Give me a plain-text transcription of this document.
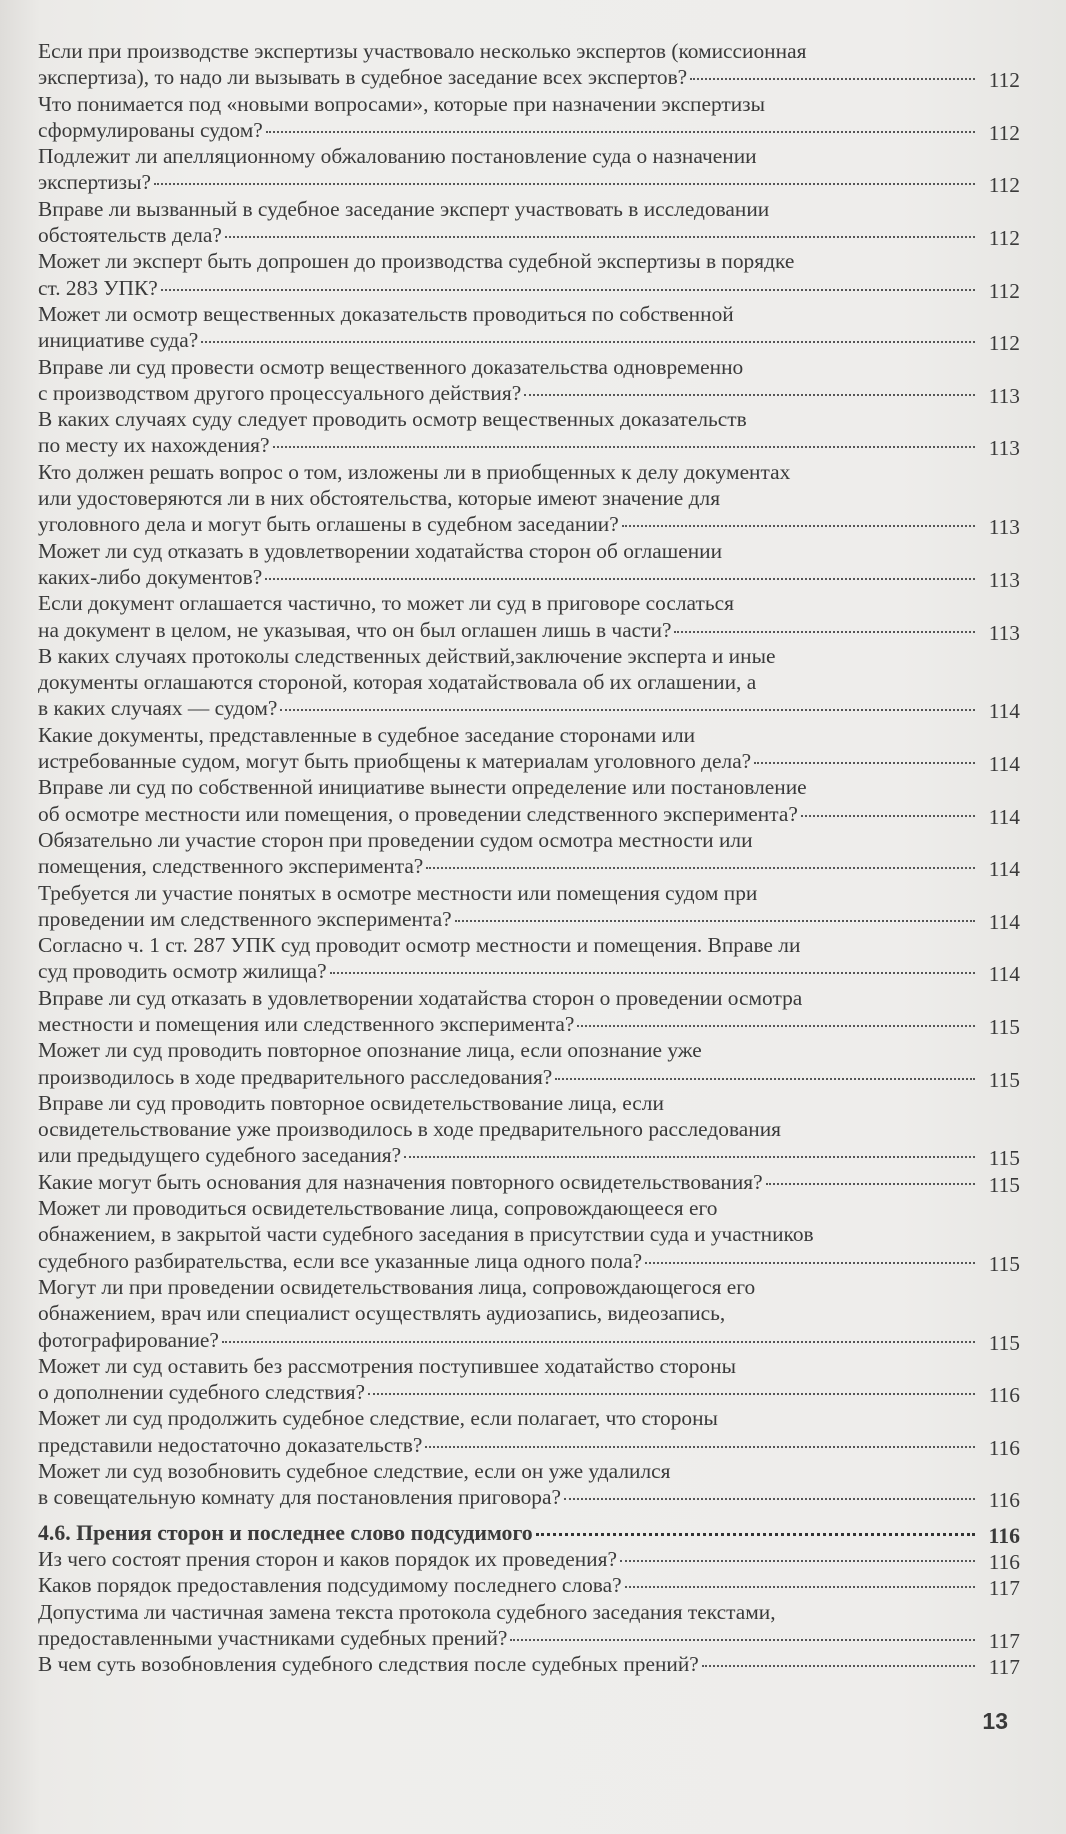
Если при производстве экспертизы участвовало несколько экспертов (комиссионная
экспертиза), то надо ли вызывать в судебное заседание всех экспертов?	112
Что понимается под «новыми вопросами», которые при назначении экспертизы
сформулированы судом?	112
Подлежит ли апелляционному обжалованию постановление суда о назначении
экспертизы?	112
Вправе ли вызванный в судебное заседание эксперт участвовать в исследовании
обстоятельств дела?	112
Может ли эксперт быть допрошен до производства судебной экспертизы в порядке
ст. 283 УПК?	112
Может ли осмотр вещественных доказательств проводиться по собственной
инициативе суда?	112
Вправе ли суд провести осмотр вещественного доказательства одновременно
с производством другого процессуального действия?	113
В каких случаях суду следует проводить осмотр вещественных доказательств
по месту их нахождения?	113
Кто должен решать вопрос о том, изложены ли в приобщенных к делу документах
или удостоверяются ли в них обстоятельства, которые имеют значение для
уголовного дела и могут быть оглашены в судебном заседании?	113
Может ли суд отказать в удовлетворении ходатайства сторон об оглашении
каких-либо документов?	113
Если документ оглашается частично, то может ли суд в приговоре сослаться
на документ в целом, не указывая, что он был оглашен лишь в части?	113
В каких случаях протоколы следственных действий,заключение эксперта и иные
документы оглашаются стороной, которая ходатайствовала об их оглашении, а
в каких случаях — судом?	114
Какие документы, представленные в судебное заседание сторонами или
истребованные судом, могут быть приобщены к материалам уголовного дела?	114
Вправе ли суд по собственной инициативе вынести определение или постановление
об осмотре местности или помещения, о проведении следственного эксперимента?	114
Обязательно ли участие сторон при проведении судом осмотра местности или
помещения, следственного эксперимента?	114
Требуется ли участие понятых в осмотре местности или помещения судом при
проведении им следственного эксперимента?	114
Согласно ч. 1 ст. 287 УПК суд проводит осмотр местности и помещения. Вправе ли
суд проводить осмотр жилища?	114
Вправе ли суд отказать в удовлетворении ходатайства сторон о проведении осмотра
местности и помещения или следственного эксперимента?	115
Может ли суд проводить повторное опознание лица, если опознание уже
производилось в ходе предварительного расследования?	115
Вправе ли суд проводить повторное освидетельствование лица, если
освидетельствование уже производилось в ходе предварительного расследования
или предыдущего судебного заседания?	115
Какие могут быть основания для назначения повторного освидетельствования?	115
Может ли проводиться освидетельствование лица, сопровождающееся его
обнажением, в закрытой части судебного заседания в присутствии суда и участников
судебного разбирательства, если все указанные лица одного пола?	115
Могут ли при проведении освидетельствования лица, сопровождающегося его
обнажением, врач или специалист осуществлять аудиозапись, видеозапись,
фотографирование?	115
Может ли суд оставить без рассмотрения поступившее ходатайство стороны
о дополнении судебного следствия?	116
Может ли суд продолжить судебное следствие, если полагает, что стороны
представили недостаточно доказательств?	116
Может ли суд возобновить судебное следствие, если он уже удалился
в совещательную комнату для постановления приговора?	116
4.6. Прения сторон и последнее слово подсудимого	116
Из чего состоят прения сторон и каков порядок их проведения?	116
Каков порядок предоставления подсудимому последнего слова?	117
Допустима ли частичная замена текста протокола судебного заседания текстами,
предоставленными участниками судебных прений?	117
В чем суть возобновления судебного следствия после судебных прений?	117
13
